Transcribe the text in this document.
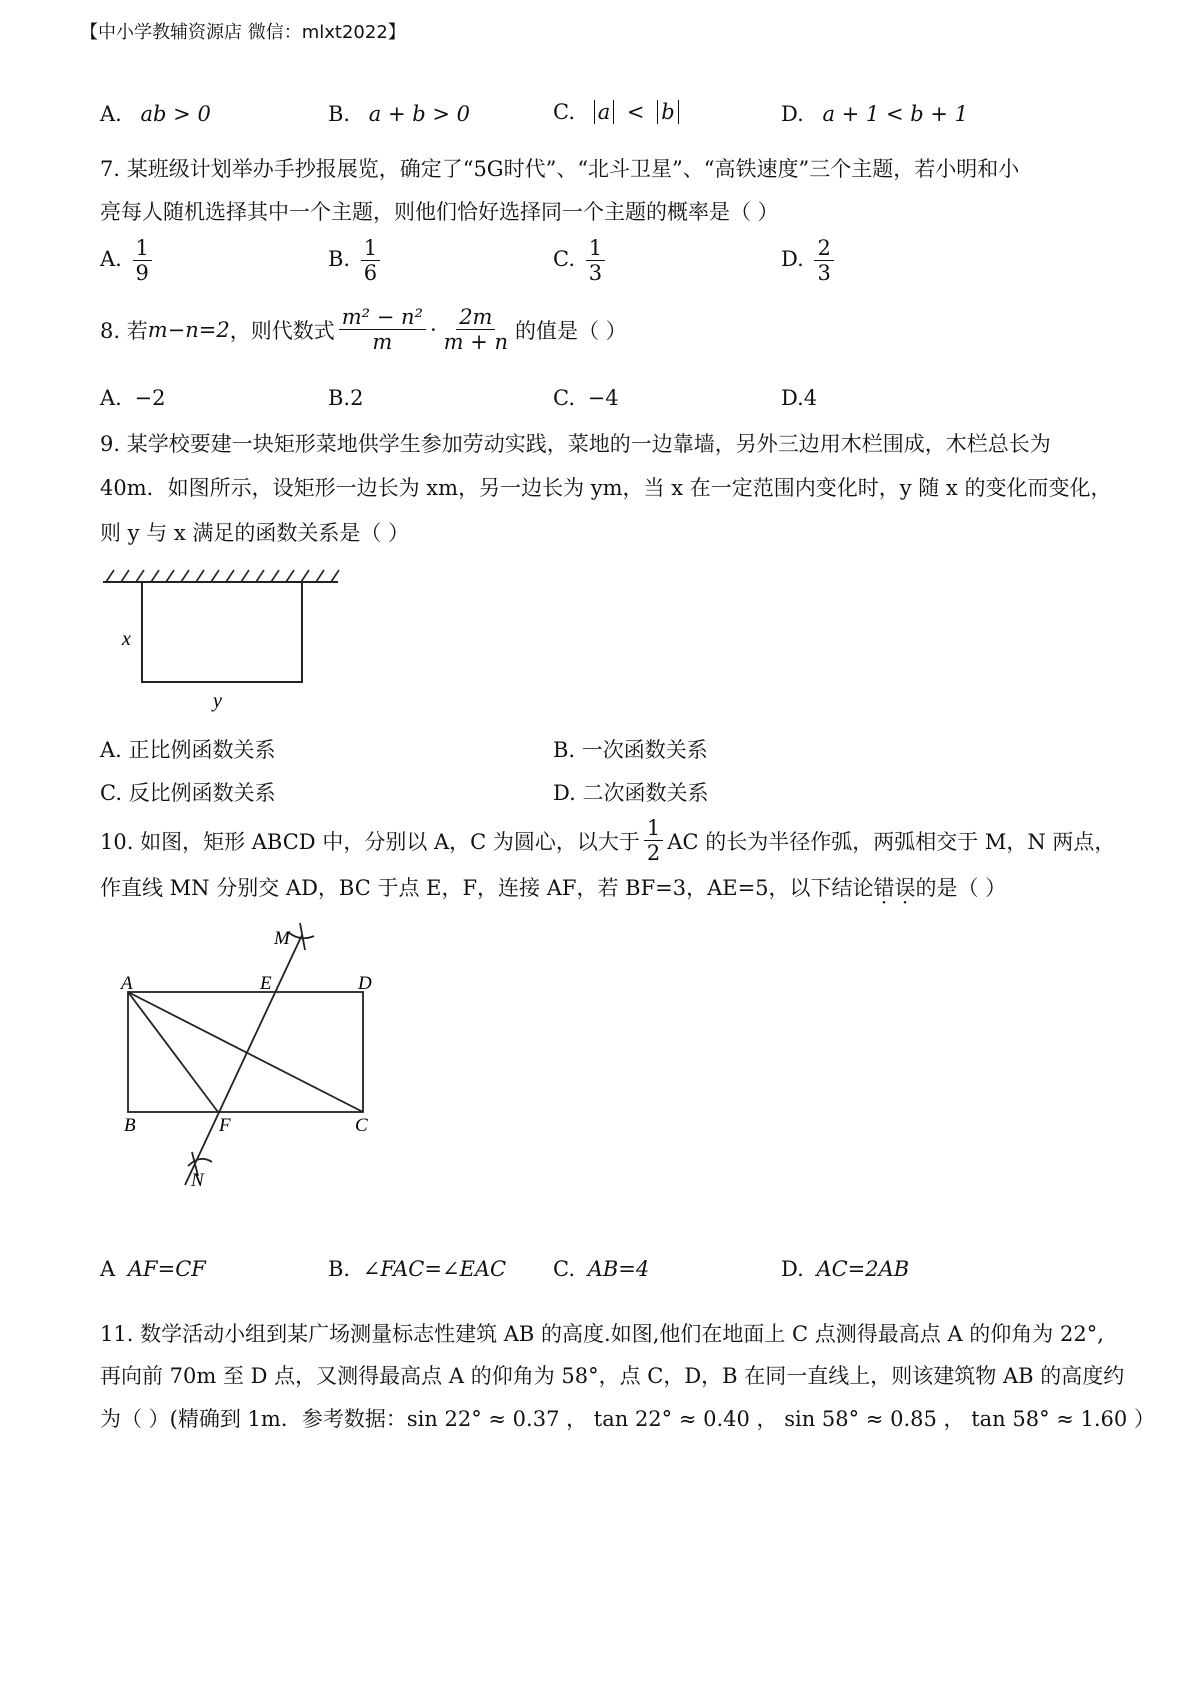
【中小学教辅资源店 微信：mlxt2022】
A. ab > 0	B. a + b > 0	C. a < b	D. a + 1 < b + 1
7. 某班级计划举办手抄报展览，确定了“5G时代”、“北斗卫星”、“高铁速度”三个主题，若小明和小
亮每人随机选择其中一个主题，则他们恰好选择同一个主题的概率是（ ）
A. $\frac{1}{9}$	B. $\frac{1}{6}$	C. $\frac{1}{3}$	D. $\frac{2}{3}$
8. 若 m−n=2 ，则代数式 $\frac{\text{m² − n²}}{m} \cdot \frac{2m}{m + n}$ 的值是（ ）
A. −2	B.2	C. −4	D.4
9. 某学校要建一块矩形菜地供学生参加劳动实践，菜地的一边靠墙，另外三边用木栏围成，木栏总长为
40m．如图所示，设矩形一边长为 xm，另一边长为 ym，当 x 在一定范围内变化时，y 随 x 的变化而变化，
则 y 与 x 满足的函数关系是（ ）
x
y
A. 正比例函数关系	B. 一次函数关系
C. 反比例函数关系	D. 二次函数关系
10. 如图，矩形 ABCD 中，分别以 A，C 为圆心，以大于 $\frac{1}{2}$ AC 的长为半径作弧，两弧相交于 M，N 两点，
作直线 MN 分别交 AD，BC 于点 E，F，连接 AF，若 BF=3，AE=5，以下结论错误的是（ ）
A	E	D
B	F	C
M
N
A AF=CF	B. ∠FAC=∠EAC C. AB=4	D. AC=2AB
11. 数学活动小组到某广场测量标志性建筑 AB 的高度.如图,他们在地面上 C 点测得最高点 A 的仰角为 22°,
再向前 70m 至 D 点，又测得最高点 A 的仰角为 58°，点 C，D，B 在同一直线上，则该建筑物 AB 的高度约
为（ ）(精确到 1m．参考数据：sin 22° ≈ 0.37 ， tan 22° ≈ 0.40 ， sin 58° ≈ 0.85 ， tan 58° ≈ 1.60 ）
